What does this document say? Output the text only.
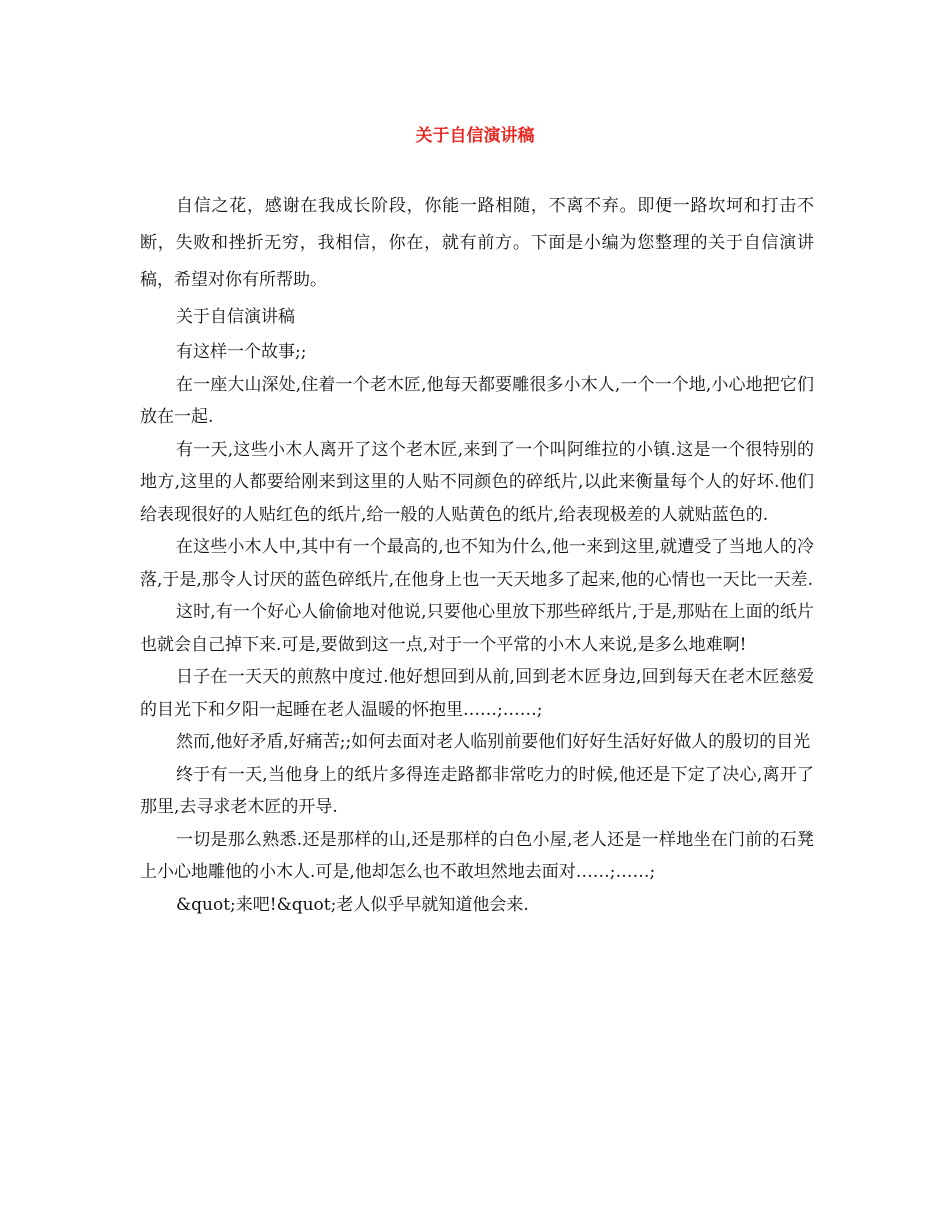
关于自信演讲稿

自信之花，感谢在我成长阶段，你能一路相随，不离不弃。即便一路坎坷和打击不断，失败和挫折无穷，我相信，你在，就有前方。下面是小编为您整理的关于自信演讲稿，希望对你有所帮助。

关于自信演讲稿

有这样一个故事;;

在一座大山深处,住着一个老木匠,他每天都要雕很多小木人,一个一个地,小心地把它们放在一起.

有一天,这些小木人离开了这个老木匠,来到了一个叫阿维拉的小镇.这是一个很特别的地方,这里的人都要给刚来到这里的人贴不同颜色的碎纸片,以此来衡量每个人的好坏.他们给表现很好的人贴红色的纸片,给一般的人贴黄色的纸片,给表现极差的人就贴蓝色的.

在这些小木人中,其中有一个最高的,也不知为什么,他一来到这里,就遭受了当地人的冷落,于是,那令人讨厌的蓝色碎纸片,在他身上也一天天地多了起来,他的心情也一天比一天差.

这时,有一个好心人偷偷地对他说,只要他心里放下那些碎纸片,于是,那贴在上面的纸片也就会自己掉下来.可是,要做到这一点,对于一个平常的小木人来说,是多么地难啊!

日子在一天天的煎熬中度过.他好想回到从前,回到老木匠身边,回到每天在老木匠慈爱的目光下和夕阳一起睡在老人温暖的怀抱里……;……;

然而,他好矛盾,好痛苦;;如何去面对老人临别前要他们好好生活好好做人的殷切的目光

终于有一天,当他身上的纸片多得连走路都非常吃力的时候,他还是下定了决心,离开了那里,去寻求老木匠的开导.

一切是那么熟悉.还是那样的山,还是那样的白色小屋,老人还是一样地坐在门前的石凳上小心地雕他的小木人.可是,他却怎么也不敢坦然地去面对……;……;

&quot;来吧!&quot;老人似乎早就知道他会来.
